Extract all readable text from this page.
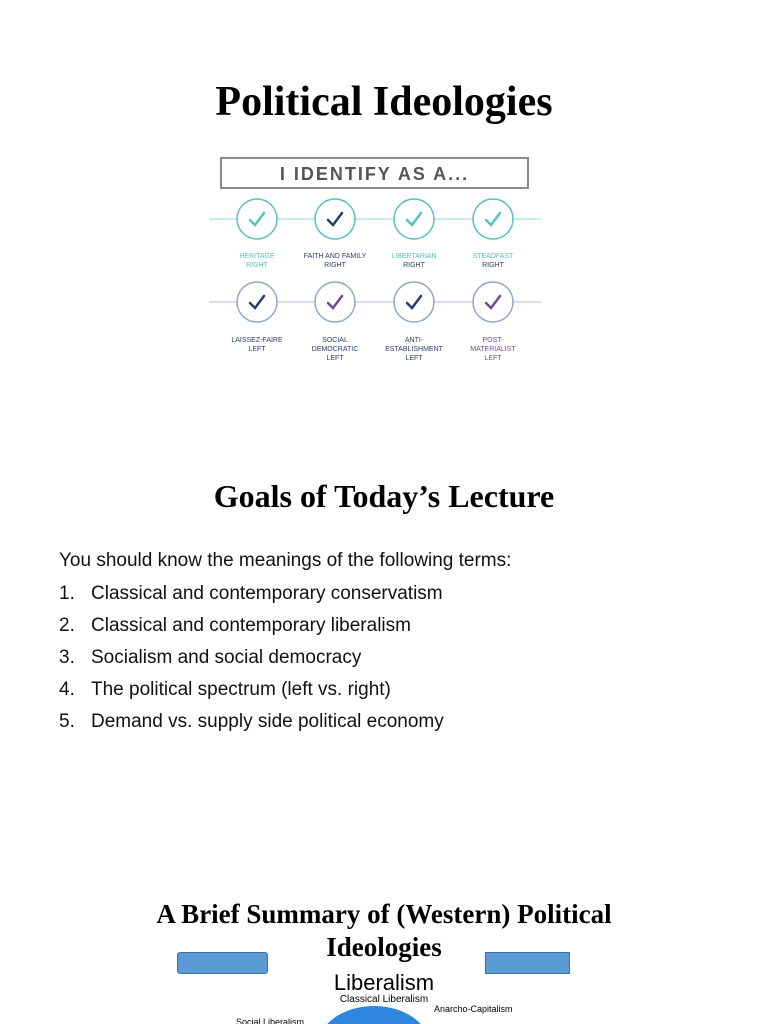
Political Ideologies
I IDENTIFY AS A...
HERITAGE
RIGHT
FAITH AND FAMILY
RIGHT
LIBERTARIAN
RIGHT
STEADFAST
RIGHT
LAISSEZ-FAIRE
LEFT
SOCIAL
DEMOCRATIC
LEFT
ANTI-
ESTABLISHMENT
LEFT
POST-
MATERIALIST
LEFT
Goals of Today’s Lecture
You should know the meanings of the following terms:
1. Classical and contemporary conservatism
2. Classical and contemporary liberalism
3. Socialism and social democracy
4. The political spectrum (left vs. right)
5. Demand vs. supply side political economy
A Brief Summary of (Western) Political
Ideologies
Liberalism
Classical Liberalism
Anarcho-Capitalism
Social Liberalism
